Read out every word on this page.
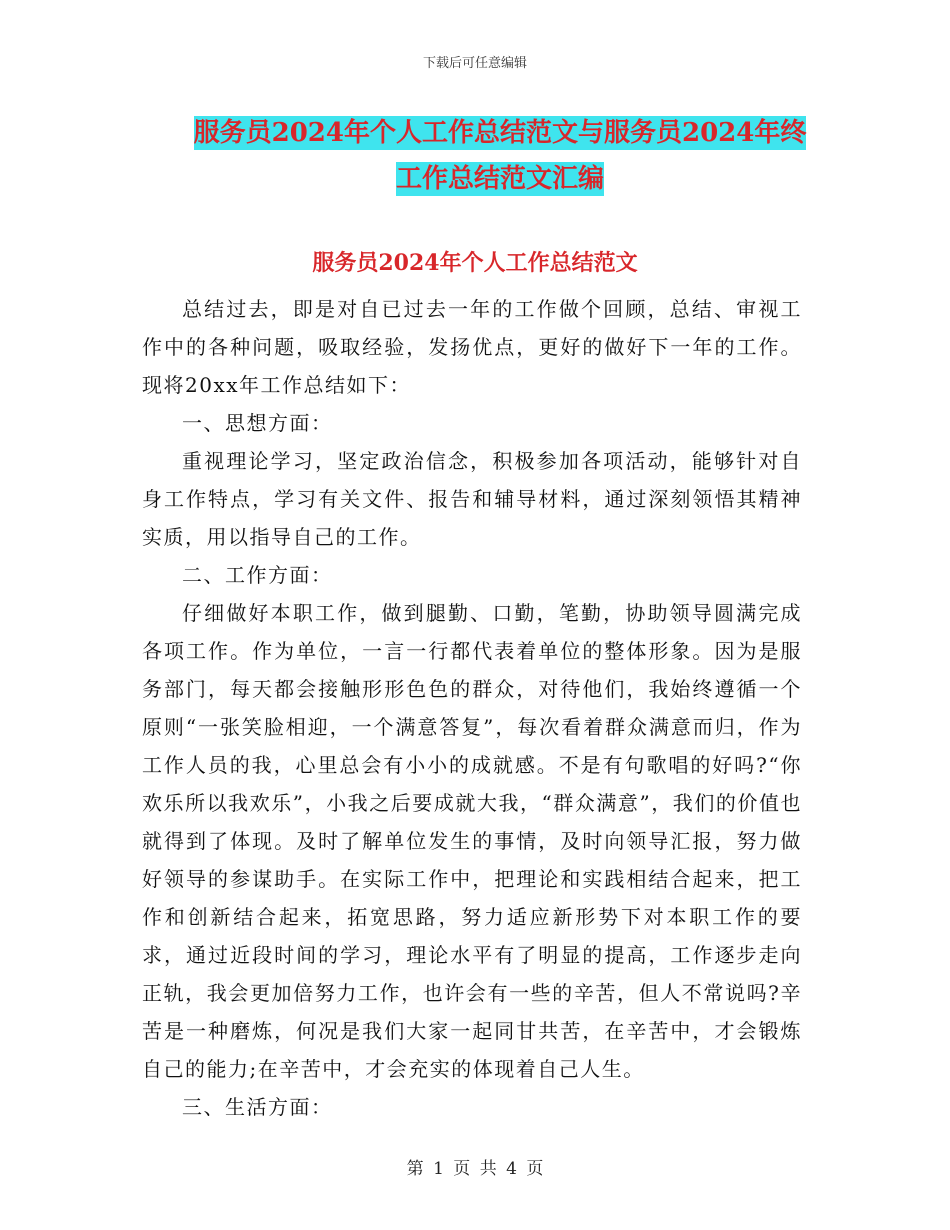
下载后可任意编辑
服务员2024年个人工作总结范文与服务员2024年终
工作总结范文汇编
服务员2024年个人工作总结范文

总结过去，即是对自已过去一年的工作做个回顾，总结、审视工作中的各种问题，吸取经验，发扬优点，更好的做好下一年的工作。现将20xx年工作总结如下：

一、思想方面：

重视理论学习，坚定政治信念，积极参加各项活动，能够针对自身工作特点，学习有关文件、报告和辅导材料，通过深刻领悟其精神实质，用以指导自己的工作。

二、工作方面：

仔细做好本职工作，做到腿勤、口勤，笔勤，协助领导圆满完成各项工作。作为单位，一言一行都代表着单位的整体形象。因为是服务部门，每天都会接触形形色色的群众，对待他们，我始终遵循一个原则“一张笑脸相迎，一个满意答复”，每次看着群众满意而归，作为工作人员的我，心里总会有小小的成就感。不是有句歌唱的好吗?“你欢乐所以我欢乐”，小我之后要成就大我，“群众满意”，我们的价值也就得到了体现。及时了解单位发生的事情，及时向领导汇报，努力做好领导的参谋助手。在实际工作中，把理论和实践相结合起来，把工作和创新结合起来，拓宽思路，努力适应新形势下对本职工作的要求，通过近段时间的学习，理论水平有了明显的提高，工作逐步走向正轨，我会更加倍努力工作，也许会有一些的辛苦，但人不常说吗?辛苦是一种磨炼，何况是我们大家一起同甘共苦，在辛苦中，才会锻炼自己的能力;在辛苦中，才会充实的体现着自己人生。

三、生活方面：

第 1 页 共 4 页
